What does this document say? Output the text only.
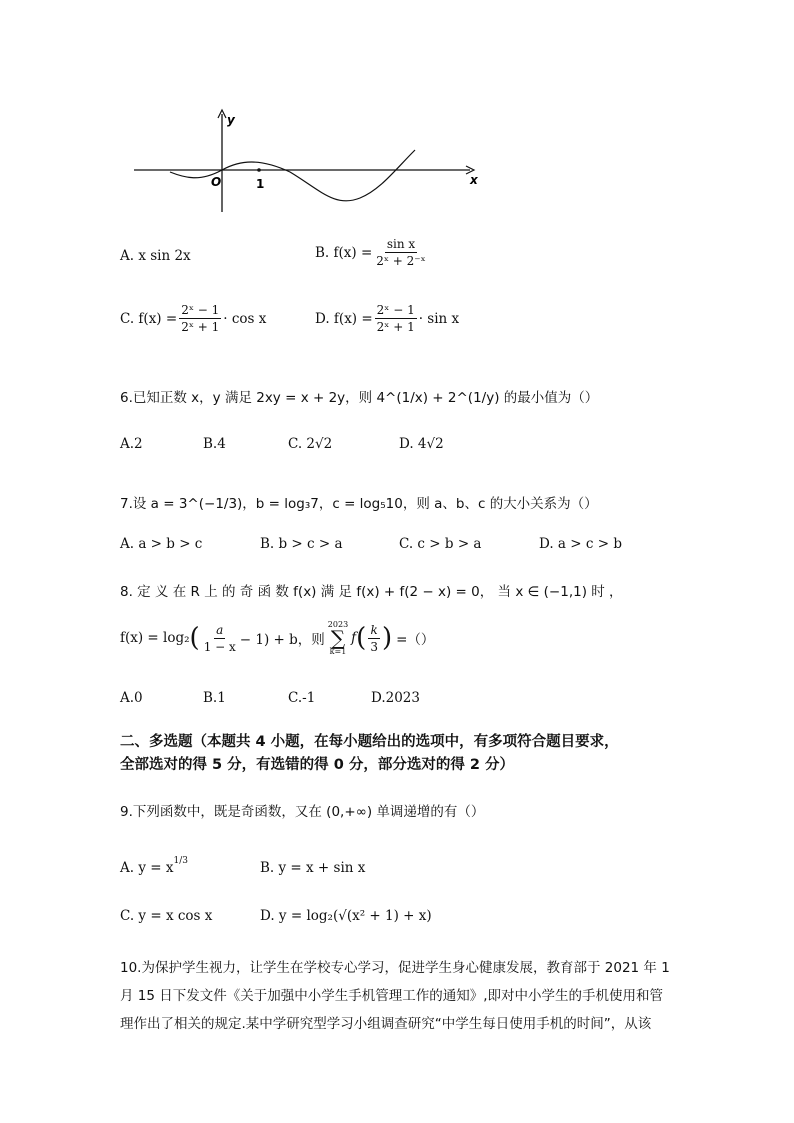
y
x
O	1
A. x sin 2x	B. $f(x) = \frac{\text{sin x}}{\text{2ˣ + 2⁻ˣ}}$
C. $f(x) = \frac{\text{2ˣ − 1}}{\text{2ˣ + 1}} \cdot \cos x$	D. $f(x) = \frac{\text{2ˣ − 1}}{\text{2ˣ + 1}} \cdot \sin x$
6.已知正数 x，y 满足 2xy = x + 2y，则 4^(1/x) + 2^(1/y) 的最小值为（）
A.2	B.4	C. 2√2	D. 4√2
7.设 a = 3^(−1/3)，b = log₃7，c = log₅10，则 a、b、c 的大小关系为（）
A. a > b > c	B. b > c > a	C. c > b > a	D. a > c > b
8. 定 义 在 R 上 的 奇 函 数 f(x) 满 足 f(x) + f(2 − x) = 0， 当 x ∈ (−1,1) 时 ，
f(x) = log₂ ( $\frac{a}{1 - x} - 1) + b$，则
2023
∑
k=1
f ( $\frac{k}{3}$ ) =（）
A.0	B.1	C.-1	D.2023
二、多选题（本题共 4 小题，在每小题给出的选项中，有多项符合题目要求，
全部选对的得 5 分，有选错的得 0 分，部分选对的得 2 分）
9.下列函数中，既是奇函数，又在 (0,+∞) 单调递增的有（）
A. $y = x^{1/3}$	B. y = x + sin x
C. y = x cos x	D. y = log₂(√(x² + 1) + x)
10.为保护学生视力，让学生在学校专心学习，促进学生身心健康发展，教育部于 2021 年 1
月 15 日下发文件《关于加强中小学生手机管理工作的通知》,即对中小学生的手机使用和管
理作出了相关的规定.某中学研究型学习小组调查研究“中学生每日使用手机的时间”，从该
